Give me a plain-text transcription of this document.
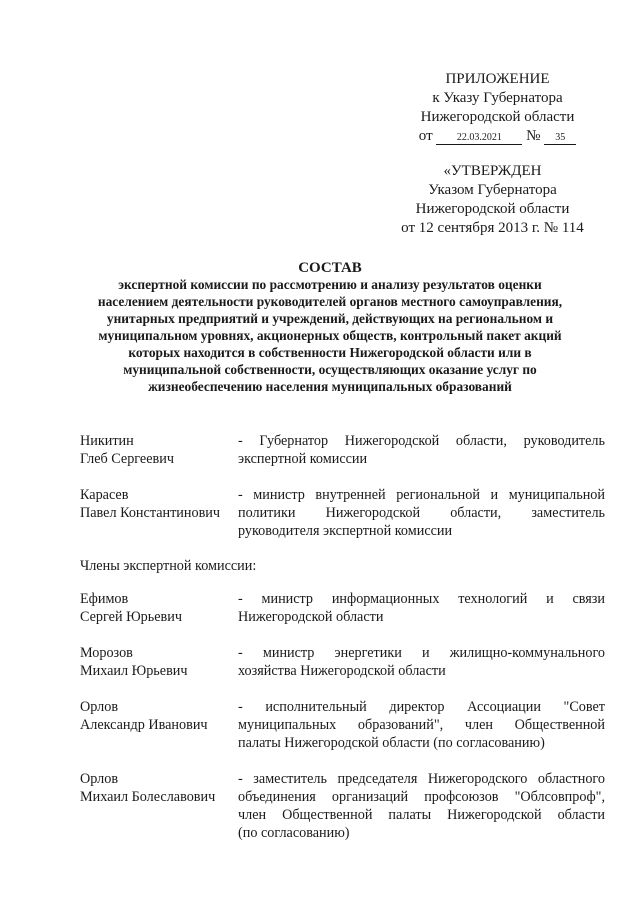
ПРИЛОЖЕНИЕ
к Указу Губернатора
Нижегородской области
от 22.03.2021 № 35
«УТВЕРЖДЕН
Указом Губернатора
Нижегородской области
от 12 сентября 2013 г. № 114
СОСТАВ
экспертной комиссии по рассмотрению и анализу результатов оценки
населением деятельности руководителей органов местного самоуправления,
унитарных предприятий и учреждений, действующих на региональном и
муниципальном уровнях, акционерных обществ, контрольный пакет акций
которых находится в собственности Нижегородской области или в
муниципальной собственности, осуществляющих оказание услуг по
жизнеобеспечению населения муниципальных образований
Никитин
Глеб Сергеевич
- Губернатор Нижегородской области, руководитель
экспертной комиссии
Карасев
Павел Константинович
- министр внутренней региональной и муниципальной
политики Нижегородской области, заместитель
руководителя экспертной комиссии
Члены экспертной комиссии:
Ефимов
Сергей Юрьевич
- министр информационных технологий и связи
Нижегородской области
Морозов
Михаил Юрьевич
- министр энергетики и жилищно-коммунального
хозяйства Нижегородской области
Орлов
Александр Иванович
- исполнительный директор Ассоциации "Совет
муниципальных образований", член Общественной
палаты Нижегородской области (по согласованию)
Орлов
Михаил Болеславович
- заместитель председателя Нижегородского областного
объединения организаций профсоюзов "Облсовпроф",
член Общественной палаты Нижегородской области
(по согласованию)
